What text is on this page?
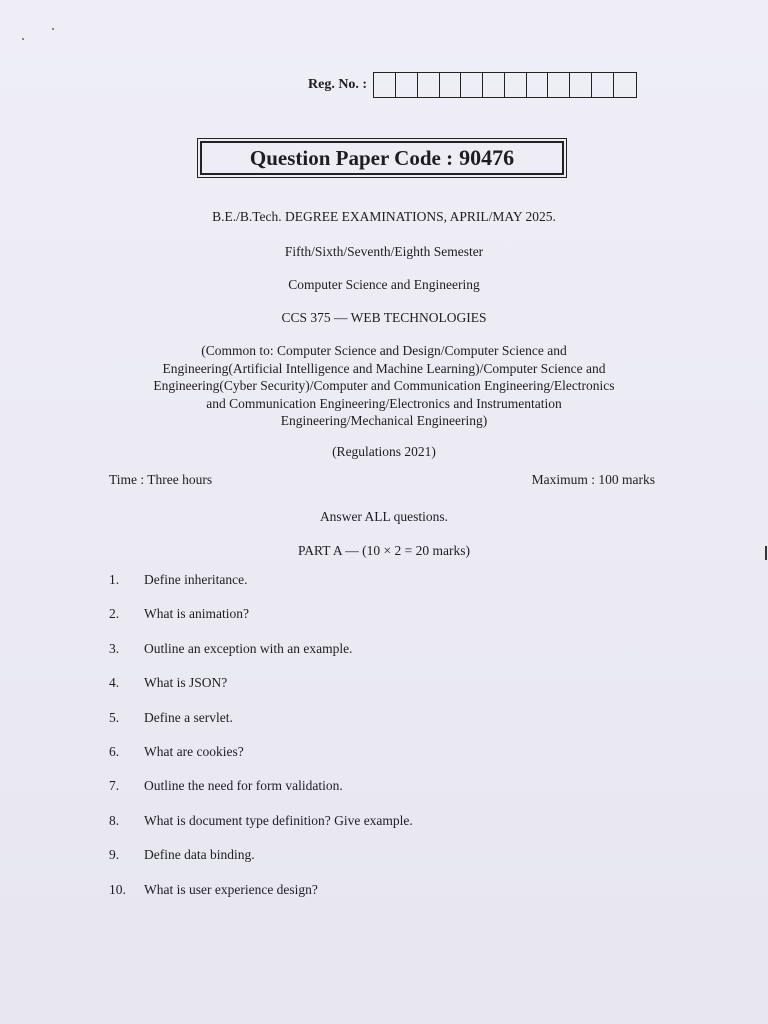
Reg. No. :
Question Paper Code : 90476
B.E./B.Tech. DEGREE EXAMINATIONS, APRIL/MAY 2025.
Fifth/Sixth/Seventh/Eighth Semester
Computer Science and Engineering
CCS 375 — WEB TECHNOLOGIES
(Common to: Computer Science and Design/Computer Science and
Engineering(Artificial Intelligence and Machine Learning)/Computer Science and
Engineering(Cyber Security)/Computer and Communication Engineering/Electronics
and Communication Engineering/Electronics and Instrumentation
Engineering/Mechanical Engineering)
(Regulations 2021)
Time : Three hours	Maximum : 100 marks
Answer ALL questions.
PART A — (10 × 2 = 20 marks)
1. Define inheritance.
2. What is animation?
3. Outline an exception with an example.
4. What is JSON?
5. Define a servlet.
6. What are cookies?
7. Outline the need for form validation.
8. What is document type definition? Give example.
9. Define data binding.
10. What is user experience design?
